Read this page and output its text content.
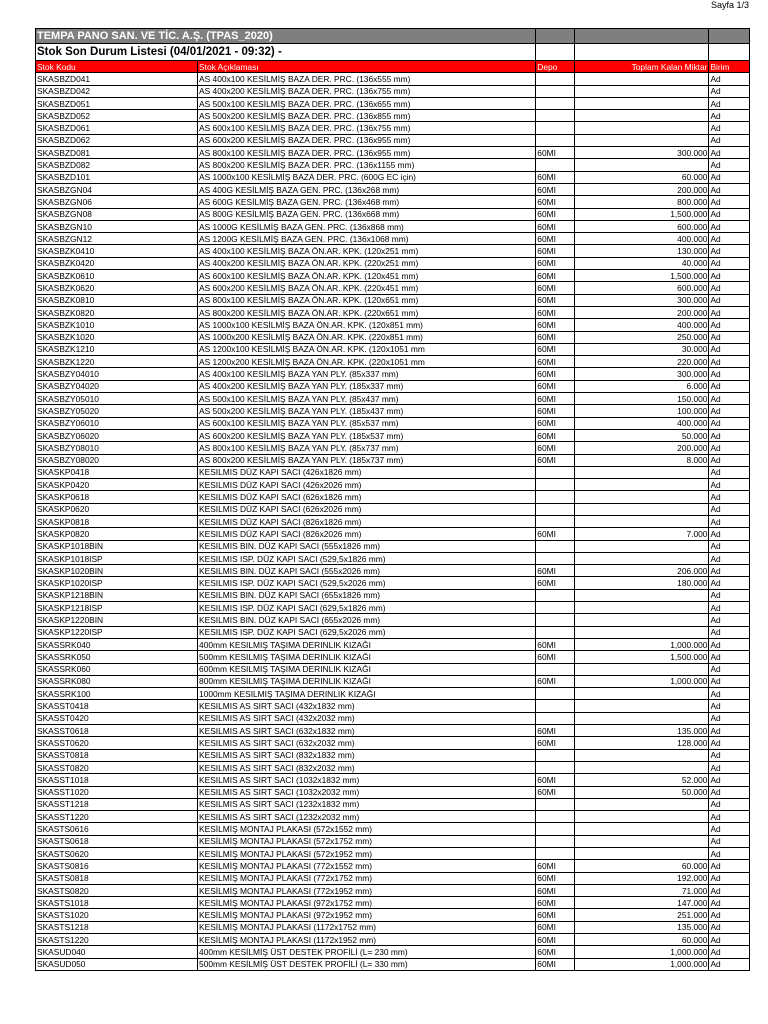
Sayfa 1/3
TEMPA PANO SAN. VE TİC. A.Ş. (TPAS_2020)				
Stok Son Durum Listesi (04/01/2021 - 09:32) -				
Stok Kodu	Stok Açıklaması	Depo	Toplam Kalan Miktar	Birim
SKASBZD041	AS 400x100 KESİLMİŞ BAZA DER. PRC. (136x555 mm)			Ad
SKASBZD042	AS 400x200 KESİLMİŞ BAZA DER. PRC. (136x755 mm)			Ad
SKASBZD051	AS 500x100 KESİLMİŞ BAZA DER. PRC. (136x655 mm)			Ad
SKASBZD052	AS 500x200 KESİLMİŞ BAZA DER. PRC. (136x855 mm)			Ad
SKASBZD061	AS 600x100 KESİLMİŞ BAZA DER. PRC. (136x755 mm)			Ad
SKASBZD062	AS 600x200 KESİLMİŞ BAZA DER. PRC. (136x955 mm)			Ad
SKASBZD081	AS 800x100 KESİLMİŞ BAZA DER. PRC. (136x955 mm)	60MI	300.000	Ad
SKASBZD082	AS 800x200 KESİLMİŞ BAZA DER. PRC. (136x1155 mm)			Ad
SKASBZD101	AS 1000x100 KESİLMİŞ BAZA DER. PRC. (600G EC için)	60MI	60.000	Ad
SKASBZGN04	AS 400G KESİLMİŞ BAZA GEN. PRC. (136x268 mm)	60MI	200.000	Ad
SKASBZGN06	AS 600G KESİLMİŞ BAZA GEN. PRC. (136x468 mm)	60MI	800.000	Ad
SKASBZGN08	AS 800G KESİLMİŞ BAZA GEN. PRC. (136x668 mm)	60MI	1,500.000	Ad
SKASBZGN10	AS 1000G KESİLMİŞ BAZA GEN. PRC. (136x868 mm)	60MI	600.000	Ad
SKASBZGN12	AS 1200G KESİLMİŞ BAZA GEN. PRC. (136x1068 mm)	60MI	400.000	Ad
SKASBZK0410	AS 400x100 KESİLMİŞ BAZA ÖN.AR. KPK. (120x251 mm)	60MI	130.000	Ad
SKASBZK0420	AS 400x200 KESİLMİŞ BAZA ÖN.AR. KPK. (220x251 mm)	60MI	40.000	Ad
SKASBZK0610	AS 600x100 KESİLMİŞ BAZA ÖN.AR. KPK. (120x451 mm)	60MI	1,500.000	Ad
SKASBZK0620	AS 600x200 KESİLMİŞ BAZA ÖN.AR. KPK. (220x451 mm)	60MI	600.000	Ad
SKASBZK0810	AS 800x100 KESİLMİŞ BAZA ÖN.AR. KPK. (120x651 mm)	60MI	300.000	Ad
SKASBZK0820	AS 800x200 KESİLMİŞ BAZA ÖN.AR. KPK. (220x651 mm)	60MI	200.000	Ad
SKASBZK1010	AS 1000x100 KESİLMİŞ BAZA ÖN.AR. KPK. (120x851 mm)	60MI	400.000	Ad
SKASBZK1020	AS 1000x200 KESİLMİŞ BAZA ÖN.AR. KPK. (220x851 mm)	60MI	250.000	Ad
SKASBZK1210	AS 1200x100 KESİLMİŞ BAZA ÖN.AR. KPK. (120x1051 mm	60MI	30.000	Ad
SKASBZK1220	AS 1200x200 KESİLMİŞ BAZA ÖN.AR. KPK. (220x1051 mm	60MI	220.000	Ad
SKASBZY04010	AS 400x100 KESİLMİŞ BAZA YAN PLY. (85x337 mm)	60MI	300.000	Ad
SKASBZY04020	AS 400x200 KESİLMİŞ BAZA YAN PLY. (185x337 mm)	60MI	6.000	Ad
SKASBZY05010	AS 500x100 KESİLMİŞ BAZA YAN PLY. (85x437 mm)	60MI	150.000	Ad
SKASBZY05020	AS 500x200 KESİLMİŞ BAZA YAN PLY. (185x437 mm)	60MI	100.000	Ad
SKASBZY06010	AS 600x100 KESİLMİŞ BAZA YAN PLY. (85x537 mm)	60MI	400.000	Ad
SKASBZY06020	AS 600x200 KESİLMİŞ BAZA YAN PLY. (185x537 mm)	60MI	50.000	Ad
SKASBZY08010	AS 800x100 KESİLMİŞ BAZA YAN PLY. (85x737 mm)	60MI	200.000	Ad
SKASBZY08020	AS 800x200 KESİLMİŞ BAZA YAN PLY. (185x737 mm)	60MI	8.000	Ad
SKASKP0418	KESILMIS DÜZ KAPI SACI (426x1826 mm)			Ad
SKASKP0420	KESILMIS DÜZ KAPI SACI (426x2026 mm)			Ad
SKASKP0618	KESILMIS DÜZ KAPI SACI (626x1826 mm)			Ad
SKASKP0620	KESILMIS DÜZ KAPI SACI (626x2026 mm)			Ad
SKASKP0818	KESILMIS DÜZ KAPI SACI (826x1826 mm)			Ad
SKASKP0820	KESILMIS DÜZ KAPI SACI (826x2026 mm)	60MI	7.000	Ad
SKASKP1018BIN	KESILMIS BIN. DÜZ KAPI SACI (555x1826 mm)			Ad
SKASKP1018ISP	KESILMIS ISP. DÜZ KAPI SACI (529,5x1826 mm)			Ad
SKASKP1020BIN	KESILMIS BIN. DÜZ KAPI SACI (555x2026 mm)	60MI	206.000	Ad
SKASKP1020ISP	KESILMIS ISP. DÜZ KAPI SACI (529,5x2026 mm)	60MI	180.000	Ad
SKASKP1218BIN	KESILMIS BIN. DÜZ KAPI SACI (655x1826 mm)			Ad
SKASKP1218ISP	KESILMIS ISP. DÜZ KAPI SACI (629,5x1826 mm)			Ad
SKASKP1220BIN	KESILMIS BIN. DÜZ KAPI SACI (655x2026 mm)			Ad
SKASKP1220ISP	KESILMIS ISP. DÜZ KAPI SACI (629,5x2026 mm)			Ad
SKASSRK040	400mm KESILMIŞ TAŞIMA DERINLIK KIZAĞI	60MI	1,000.000	Ad
SKASSRK050	500mm KESILMIŞ TAŞIMA DERINLIK KIZAĞI	60MI	1,500.000	Ad
SKASSRK060	600mm KESILMIŞ TAŞIMA DERINLIK KIZAĞI			Ad
SKASSRK080	800mm KESILMIŞ TAŞIMA DERINLIK KIZAĞI	60MI	1,000.000	Ad
SKASSRK100	1000mm KESILMIŞ TAŞIMA DERINLIK KIZAĞI			Ad
SKASST0418	KESILMIS AS SIRT SACI (432x1832 mm)			Ad
SKASST0420	KESILMIS AS SIRT SACI (432x2032 mm)			Ad
SKASST0618	KESILMIS AS SIRT SACI (632x1832 mm)	60MI	135.000	Ad
SKASST0620	KESILMIS AS SIRT SACI (632x2032 mm)	60MI	128.000	Ad
SKASST0818	KESILMIS AS SIRT SACI (832x1832 mm)			Ad
SKASST0820	KESILMIS AS SIRT SACI (832x2032 mm)			Ad
SKASST1018	KESILMIS AS SIRT SACI (1032x1832 mm)	60MI	52.000	Ad
SKASST1020	KESILMIS AS SIRT SACI (1032x2032 mm)	60MI	50.000	Ad
SKASST1218	KESILMIS AS SIRT SACI (1232x1832 mm)			Ad
SKASST1220	KESILMIS AS SIRT SACI (1232x2032 mm)			Ad
SKASTS0616	KESİLMİŞ MONTAJ PLAKASI (572x1552 mm)			Ad
SKASTS0618	KESİLMİŞ MONTAJ PLAKASI (572x1752 mm)			Ad
SKASTS0620	KESİLMİŞ MONTAJ PLAKASI (572x1952 mm)			Ad
SKASTS0816	KESİLMİŞ MONTAJ PLAKASI (772x1552 mm)	60MI	60.000	Ad
SKASTS0818	KESİLMİŞ MONTAJ PLAKASI (772x1752 mm)	60MI	192.000	Ad
SKASTS0820	KESİLMİŞ MONTAJ PLAKASI (772x1952 mm)	60MI	71.000	Ad
SKASTS1018	KESİLMİŞ MONTAJ PLAKASI (972x1752 mm)	60MI	147.000	Ad
SKASTS1020	KESİLMİŞ MONTAJ PLAKASI (972x1952 mm)	60MI	251.000	Ad
SKASTS1218	KESİLMİŞ MONTAJ PLAKASI (1172x1752 mm)	60MI	135.000	Ad
SKASTS1220	KESİLMİŞ MONTAJ PLAKASI (1172x1952 mm)	60MI	60.000	Ad
SKASUD040	400mm KESİLMİŞ ÜST DESTEK PROFİLİ (L= 230 mm)	60MI	1,000.000	Ad
SKASUD050	500mm KESİLMİŞ ÜST DESTEK PROFİLİ (L= 330 mm)	60MI	1,000.000	Ad
